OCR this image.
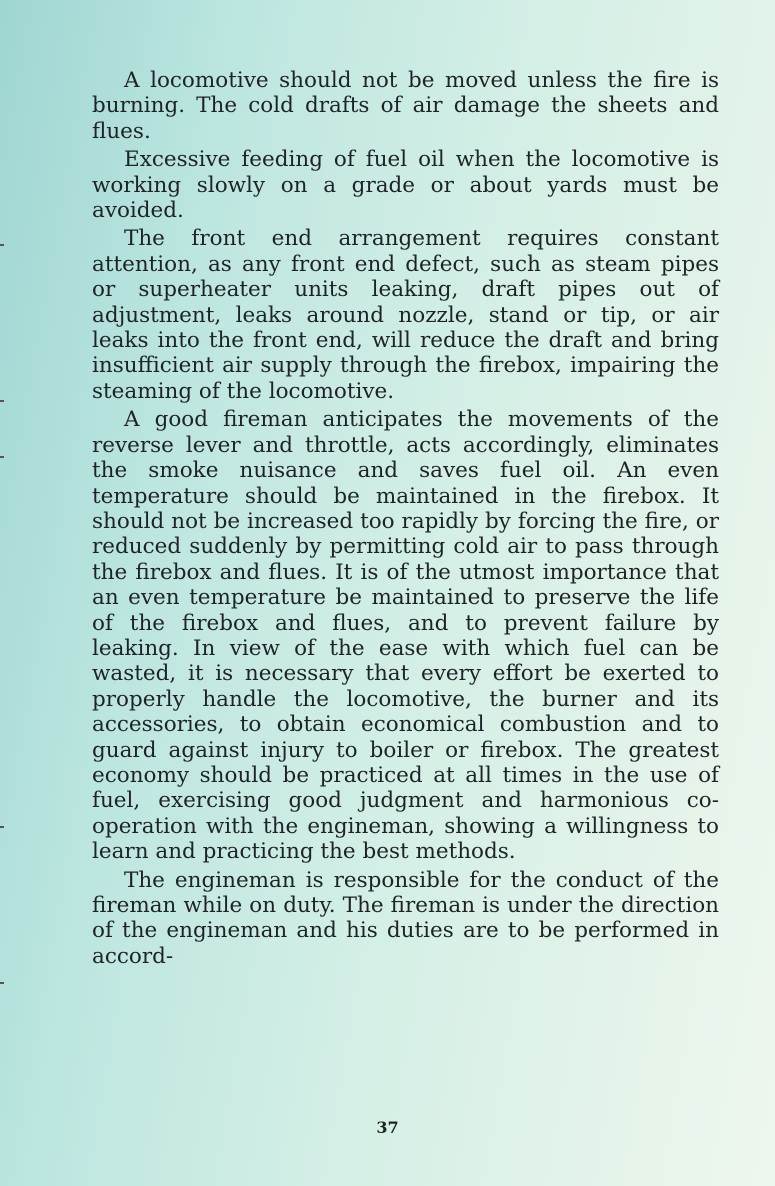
A locomotive should not be moved unless the fire is burning. The cold drafts of air damage the sheets and flues.

Excessive feeding of fuel oil when the locomotive is working slowly on a grade or about yards must be avoided.

The front end arrangement requires constant attention, as any front end defect, such as steam pipes or superheater units leaking, draft pipes out of adjustment, leaks around nozzle, stand or tip, or air leaks into the front end, will reduce the draft and bring insufficient air supply through the firebox, impairing the steaming of the locomotive.

A good fireman anticipates the movements of the reverse lever and throttle, acts accordingly, eliminates the smoke nuisance and saves fuel oil. An even temperature should be maintained in the firebox. It should not be increased too rapidly by forcing the fire, or reduced suddenly by permitting cold air to pass through the firebox and flues. It is of the utmost importance that an even temperature be maintained to preserve the life of the firebox and flues, and to prevent failure by leaking. In view of the ease with which fuel can be wasted, it is necessary that every effort be exerted to properly handle the locomotive, the burner and its accessories, to obtain economical combustion and to guard against injury to boiler or firebox. The greatest economy should be practiced at all times in the use of fuel, exercising good judgment and harmonious co-operation with the engineman, showing a willingness to learn and practicing the best methods.

The engineman is responsible for the conduct of the fireman while on duty. The fireman is under the direction of the engineman and his duties are to be performed in accord-

37
